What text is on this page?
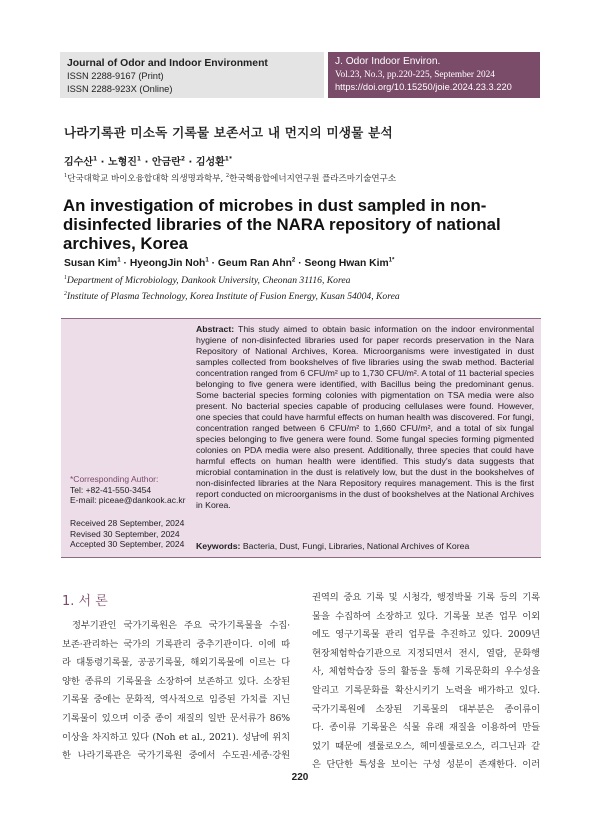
Journal of Odor and Indoor Environment
ISSN 2288-9167 (Print)
ISSN 2288-923X (Online)
J. Odor Indoor Environ.
Vol.23, No.3, pp.220-225, September 2024
https://doi.org/10.15250/joie.2024.23.3.220
나라기록관 미소독 기록물 보존서고 내 먼지의 미생물 분석
김수산$^1$ · 노형진$^1$ · 안금란$^2$ · 김성환$^{1*}$
$^1$단국대학교 바이오융합대학 의생명과학부, $^2$한국핵융합에너지연구원 플라즈마기술연구소
An investigation of microbes in dust sampled in non-disinfected libraries of the NARA repository of national archives, Korea
Susan Kim$^1$ · HyeongJin Noh$^1$ · Geum Ran Ahn$^2$ · Seong Hwan Kim$^{1*}$
$^1$Department of Microbiology, Dankook University, Cheonan 31116, Korea
$^2$Institute of Plasma Technology, Korea Institute of Fusion Energy, Kusan 54004, Korea
*Corresponding Author:
Tel: +82-41-550-3454
E-mail: piceae@dankook.ac.kr
Received 28 September, 2024
Revised 30 September, 2024
Accepted 30 September, 2024
Abstract: This study aimed to obtain basic information on the indoor environmental hygiene of non-disinfected libraries used for paper records preservation in the Nara Repository of National Archives, Korea. Microorganisms were investigated in dust samples collected from bookshelves of five libraries using the swab method. Bacterial concentration ranged from 6 CFU/m² up to 1,730 CFU/m². A total of 11 bacterial species belonging to five genera were identified, with Bacillus being the predominant genus. Some bacterial species forming colonies with pigmentation on TSA media were also present. No bacterial species capable of producing cellulases were found. However, one species that could have harmful effects on human health was discovered. For fungi, concentration ranged between 6 CFU/m² to 1,660 CFU/m², and a total of six fungal species belonging to five genera were found. Some fungal species forming pigmented colonies on PDA media were also present. Additionally, three species that could have harmful effects on human health were identified. This study’s data suggests that microbial contamination in the dust is relatively low, but the dust in the bookshelves of non-disinfected libraries at the Nara Repository requires management. This is the first report conducted on microorganisms in the dust of bookshelves at the National Archives in Korea.
Keywords: Bacteria, Dust, Fungi, Libraries, National Archives of Korea
1. 서 론
정부기관인 국가기록원은 주요 국가기록물을 수집·
보존·관리하는 국가의 기록관리 중추기관이다. 이에 따
라 대통령기록물, 공공기록물, 해외기록물에 이르는 다
양한 종류의 기록물을 소장하여 보존하고 있다. 소장된
기록물 중에는 문화적, 역사적으로 임증된 가치를 지닌
기록물이 있으며 이중 종이 재질의 일반 문서류가 86%
이상을 차지하고 있다 (Noh et al., 2021). 성남에 위치
한 나라기록관은 국가기록원 중에서 수도권·세종·강원
권역의 중요 기록 및 시청각, 행정박물 기록 등의 기록
물을 수집하여 소장하고 있다. 기록물 보존 업무 이외
에도 영구기록물 관리 업무를 추진하고 있다. 2009년
현장체험학습기관으로 지정되면서 전시, 열람, 문화행
사, 체험학습장 등의 활동을 통해 기록문화의 우수성을
알리고 기록문화를 확산시키기 노력을 배가하고 있다.
국가기록원에 소장된 기록물의 대부분은 종이류이
다. 종이류 기록물은 식물 유래 재질을 이용하여 만들
었기 때문에 셀룰로오스, 헤미셀룰로오스, 리그닌과 같
은 단단한 특성을 보이는 구성 성분이 존재한다. 이러
220
